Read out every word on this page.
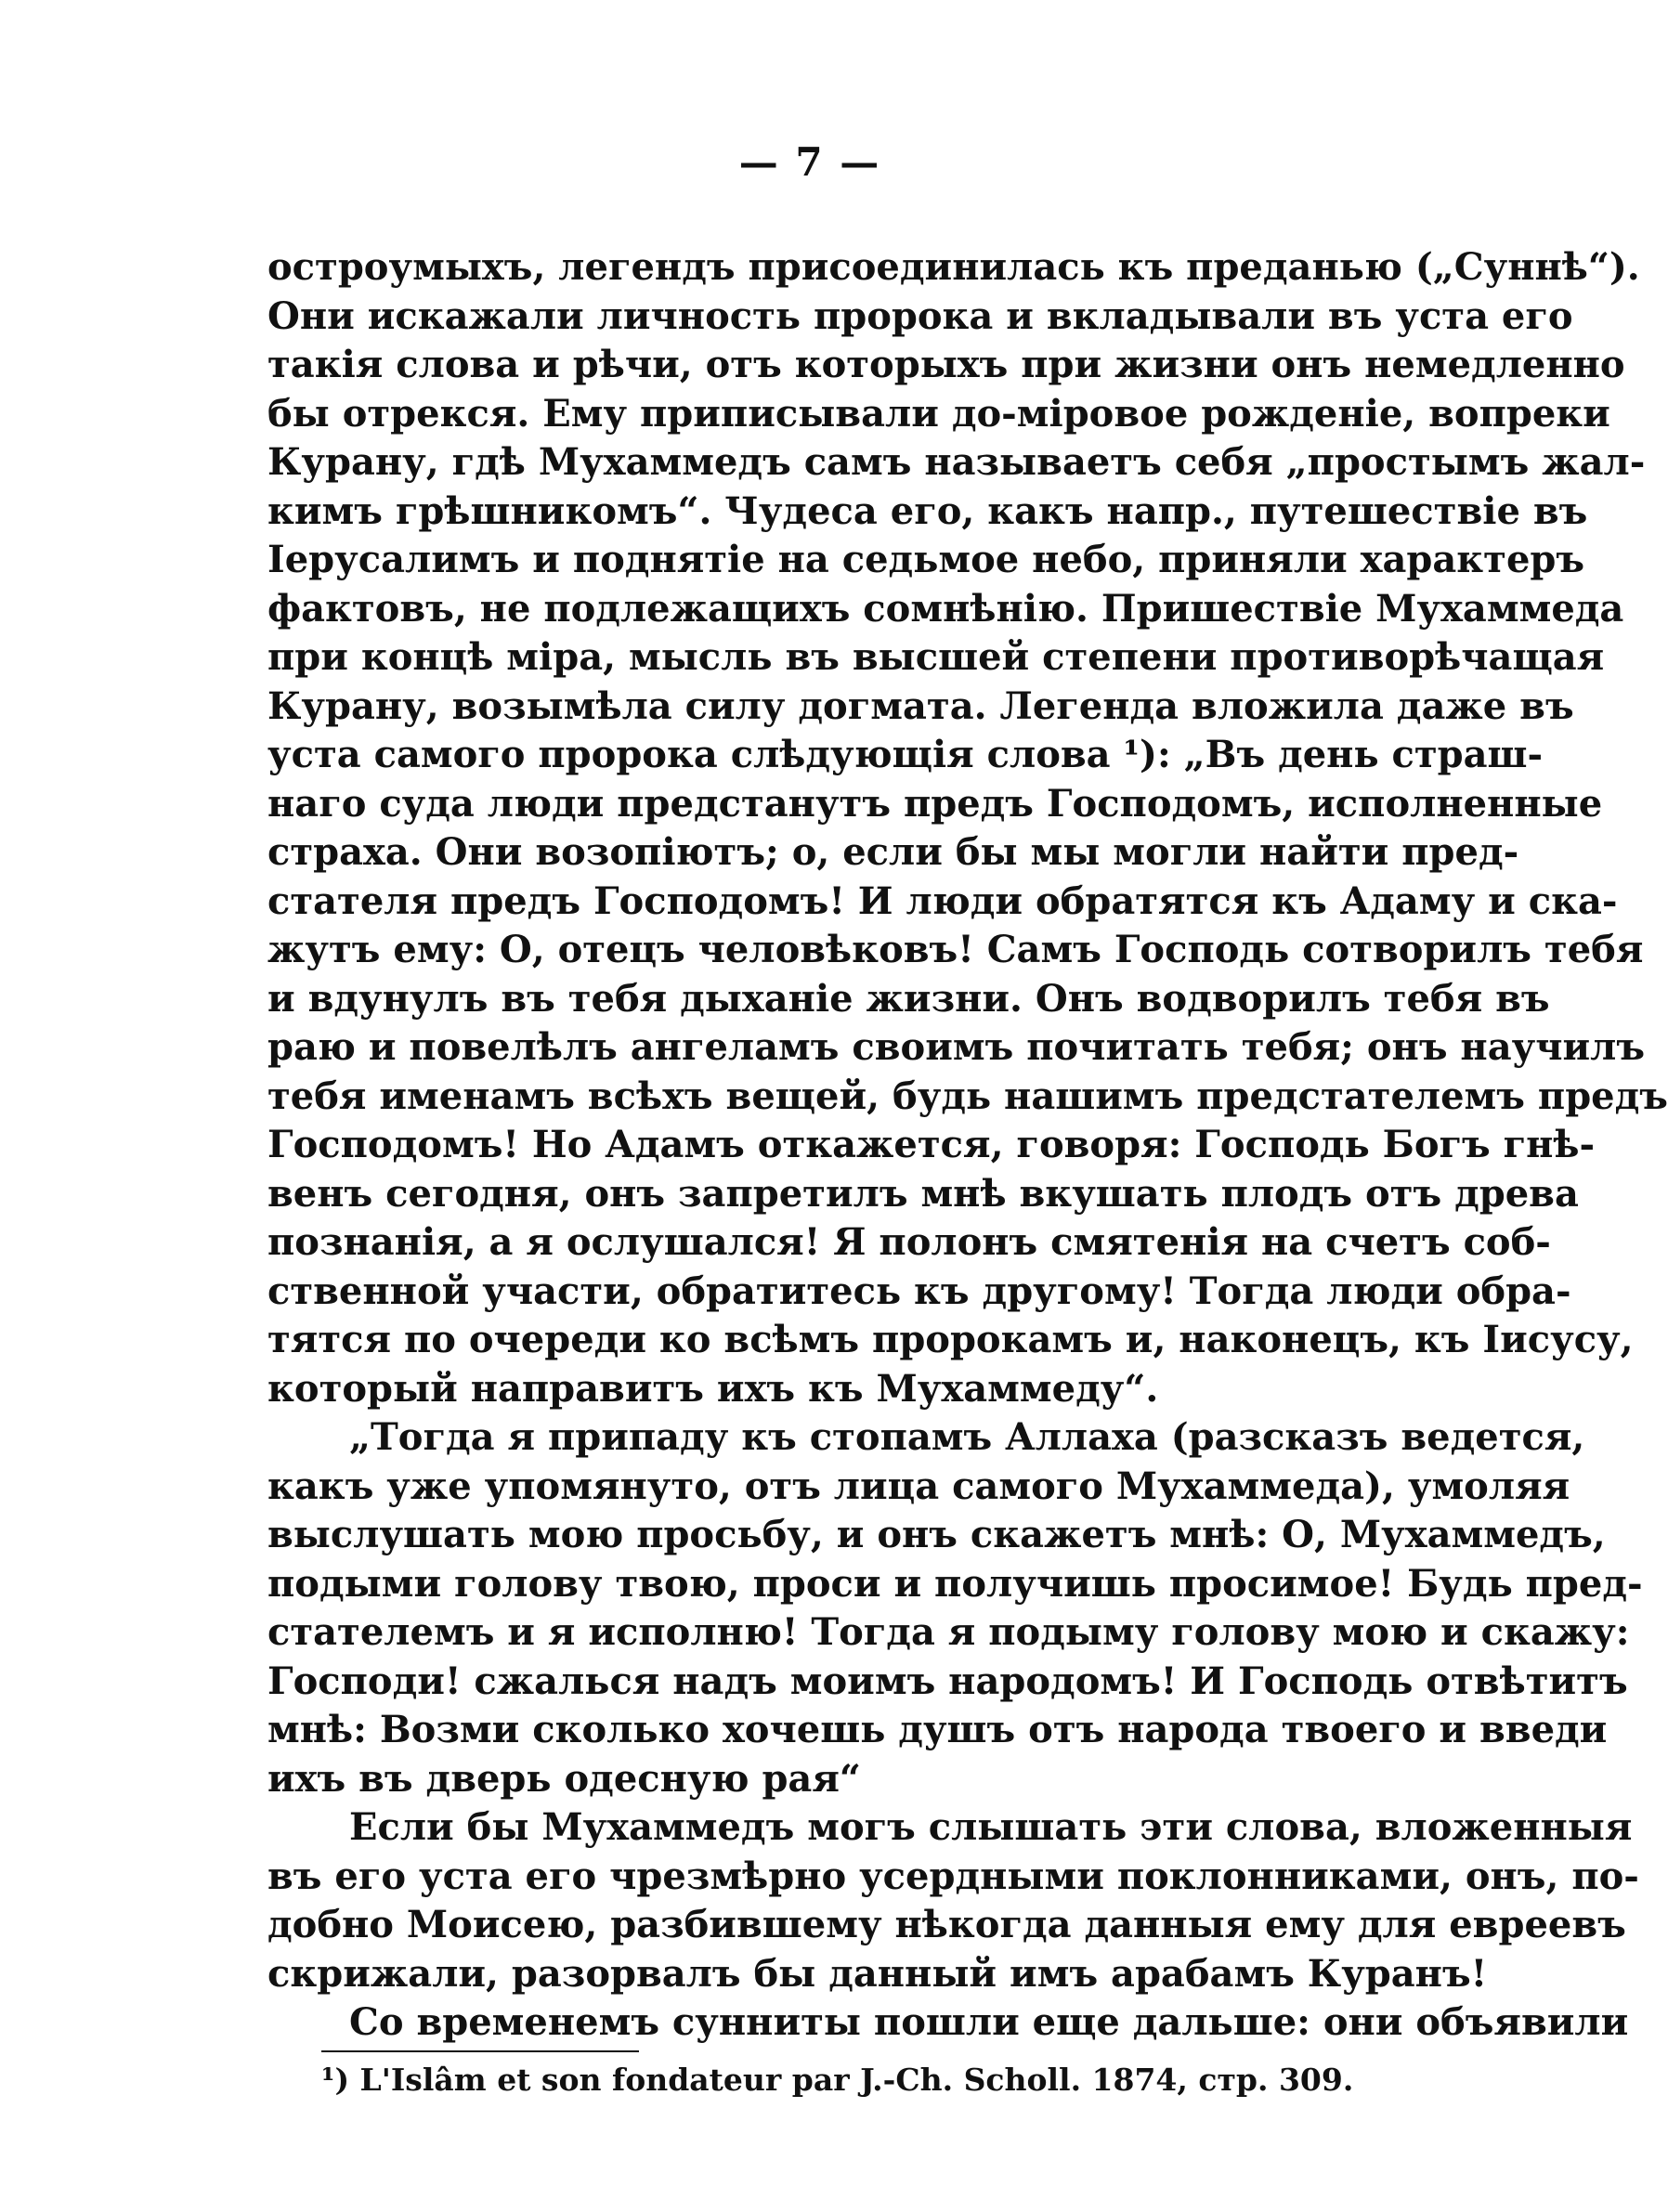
— 7 —
остроумыхъ, легендъ присоединилась къ преданью („Суннѣ“).
Они искажали личность пророка и вкладывали въ уста его
такія слова и рѣчи, отъ которыхъ при жизни онъ немедленно
бы отрекся. Ему приписывали до-міровое рожденіе, вопреки
Курану, гдѣ Мухаммедъ самъ называетъ себя „простымъ жал-
кимъ грѣшникомъ“. Чудеса его, какъ напр., путешествіе въ
Іерусалимъ и поднятіе на седьмое небо, приняли характеръ
фактовъ, не подлежащихъ сомнѣнію. Пришествіе Мухаммеда
при концѣ міра, мысль въ высшей степени противорѣчащая
Курану, возымѣла силу догмата. Легенда вложила даже въ
уста самого пророка слѣдующія слова ¹): „Въ день страш-
наго суда люди предстанутъ предъ Господомъ, исполненные
страха. Они возопіютъ; о, если бы мы могли найти пред-
стателя предъ Господомъ! И люди обратятся къ Адаму и ска-
жутъ ему: О, отецъ человѣковъ! Самъ Господь сотворилъ тебя
и вдунулъ въ тебя дыханіе жизни. Онъ водворилъ тебя въ
раю и повелѣлъ ангеламъ своимъ почитать тебя; онъ научилъ
тебя именамъ всѣхъ вещей, будь нашимъ предстателемъ предъ
Господомъ! Но Адамъ откажется, говоря: Господь Богъ гнѣ-
венъ сегодня, онъ запретилъ мнѣ вкушать плодъ отъ древа
познанія, а я ослушался! Я полонъ смятенія на счетъ соб-
ственной участи, обратитесь къ другому! Тогда люди обра-
тятся по очереди ко всѣмъ пророкамъ и, наконецъ, къ Іисусу,
который направитъ ихъ къ Мухаммеду“.
„Тогда я припаду къ стопамъ Аллаха (разсказъ ведется,
какъ уже упомянуто, отъ лица самого Мухаммеда), умоляя
выслушать мою просьбу, и онъ скажетъ мнѣ: О, Мухаммедъ,
подыми голову твою, проси и получишь просимое! Будь пред-
стателемъ и я исполню! Тогда я подыму голову мою и скажу:
Господи! сжалься надъ моимъ народомъ! И Господь отвѣтитъ
мнѣ: Возми сколько хочешь душъ отъ народа твоего и введи
ихъ въ дверь одесную рая“
Если бы Мухаммедъ могъ слышать эти слова, вложенныя
въ его уста его чрезмѣрно усердными поклонниками, онъ, по-
добно Моисею, разбившему нѣкогда данныя ему для евреевъ
скрижали, разорвалъ бы данный имъ арабамъ Куранъ!
Со временемъ сунниты пошли еще дальше: они объявили
¹) L'Islâm et son fondateur par J.-Ch. Scholl. 1874, стр. 309.
